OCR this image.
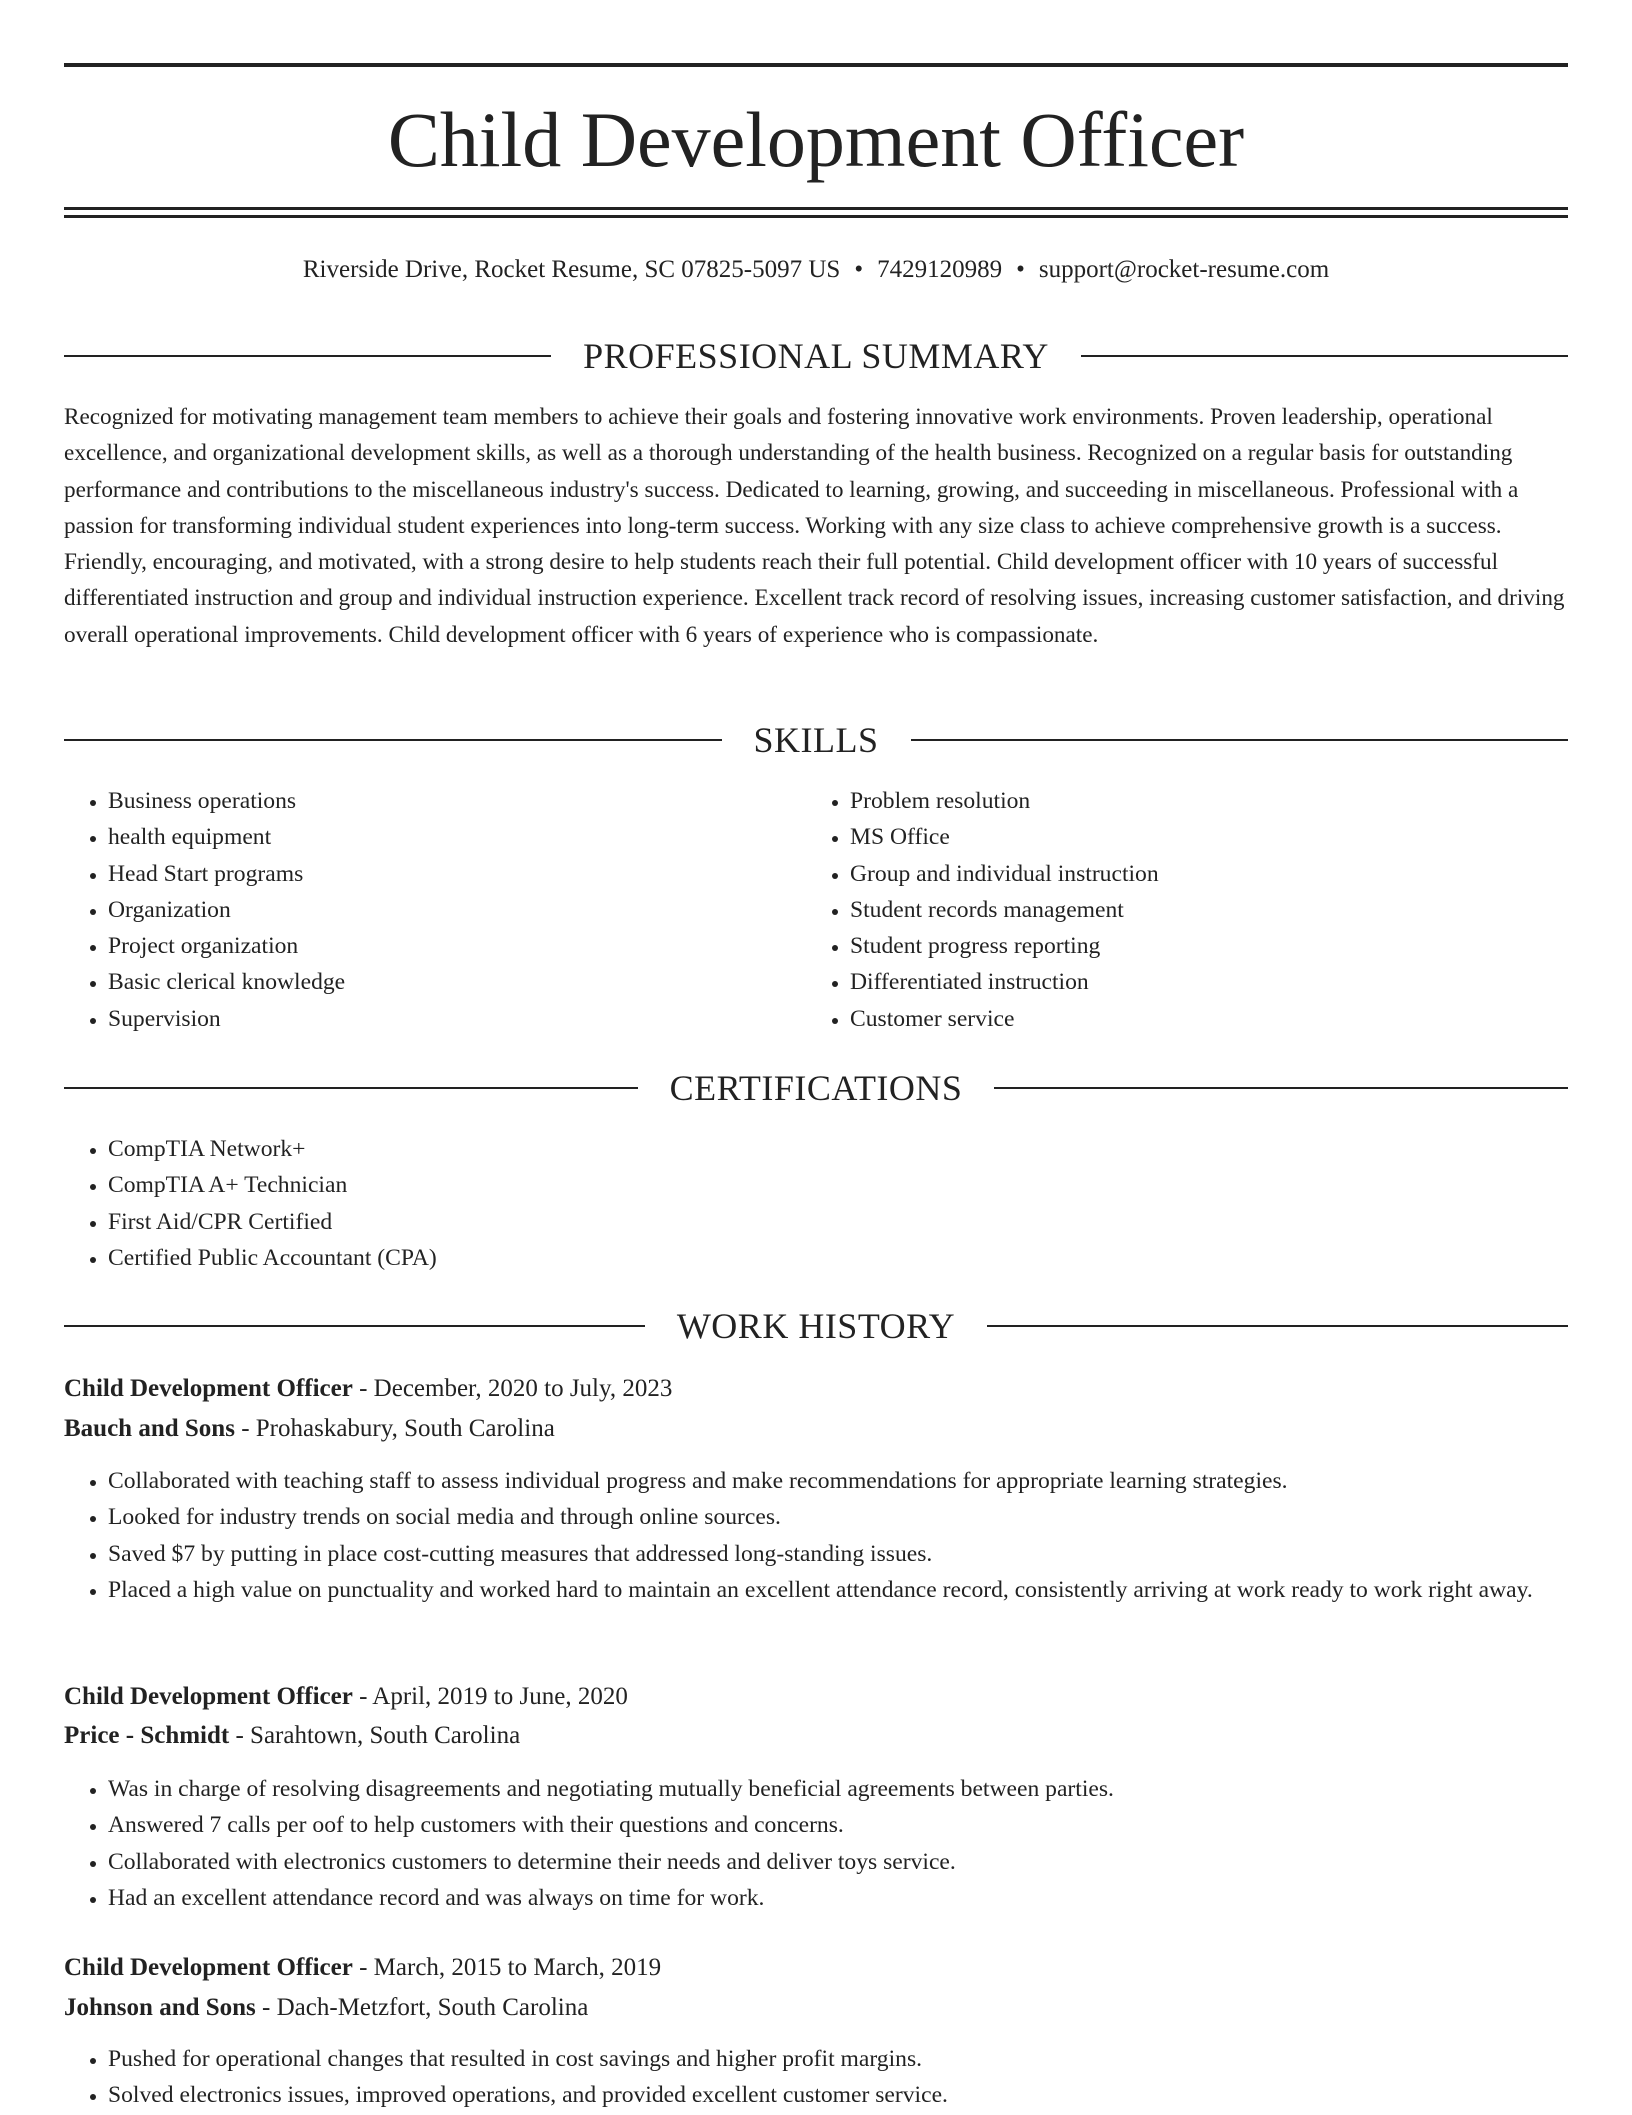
Child Development Officer
Riverside Drive, Rocket Resume, SC 07825-5097 US • 7429120989 • support@rocket-resume.com
PROFESSIONAL SUMMARY

Recognized for motivating management team members to achieve their goals and fostering innovative work environments. Proven leadership, operational excellence, and organizational development skills, as well as a thorough understanding of the health business. Recognized on a regular basis for outstanding performance and contributions to the miscellaneous industry's success. Dedicated to learning, growing, and succeeding in miscellaneous. Professional with a passion for transforming individual student experiences into long-term success. Working with any size class to achieve comprehensive growth is a success. Friendly, encouraging, and motivated, with a strong desire to help students reach their full potential. Child development officer with 10 years of successful differentiated instruction and group and individual instruction experience. Excellent track record of resolving issues, increasing customer satisfaction, and driving overall operational improvements. Child development officer with 6 years of experience who is compassionate.

SKILLS
• Business operations
• health equipment
• Head Start programs
• Organization
• Project organization
• Basic clerical knowledge
• Supervision
• Problem resolution
• MS Office
• Group and individual instruction
• Student records management
• Student progress reporting
• Differentiated instruction
• Customer service
CERTIFICATIONS
• CompTIA Network+
• CompTIA A+ Technician
• First Aid/CPR Certified
• Certified Public Accountant (CPA)
WORK HISTORY
Child Development Officer - December, 2020 to July, 2023
Bauch and Sons - Prohaskabury, South Carolina
• Collaborated with teaching staff to assess individual progress and make recommendations for appropriate learning strategies.
• Looked for industry trends on social media and through online sources.
• Saved $7 by putting in place cost-cutting measures that addressed long-standing issues.
• Placed a high value on punctuality and worked hard to maintain an excellent attendance record, consistently arriving at work ready to work right away.
Child Development Officer - April, 2019 to June, 2020
Price - Schmidt - Sarahtown, South Carolina
• Was in charge of resolving disagreements and negotiating mutually beneficial agreements between parties.
• Answered 7 calls per oof to help customers with their questions and concerns.
• Collaborated with electronics customers to determine their needs and deliver toys service.
• Had an excellent attendance record and was always on time for work.
Child Development Officer - March, 2015 to March, 2019
Johnson and Sons - Dach-Metzfort, South Carolina
• Pushed for operational changes that resulted in cost savings and higher profit margins.
• Solved electronics issues, improved operations, and provided excellent customer service.
